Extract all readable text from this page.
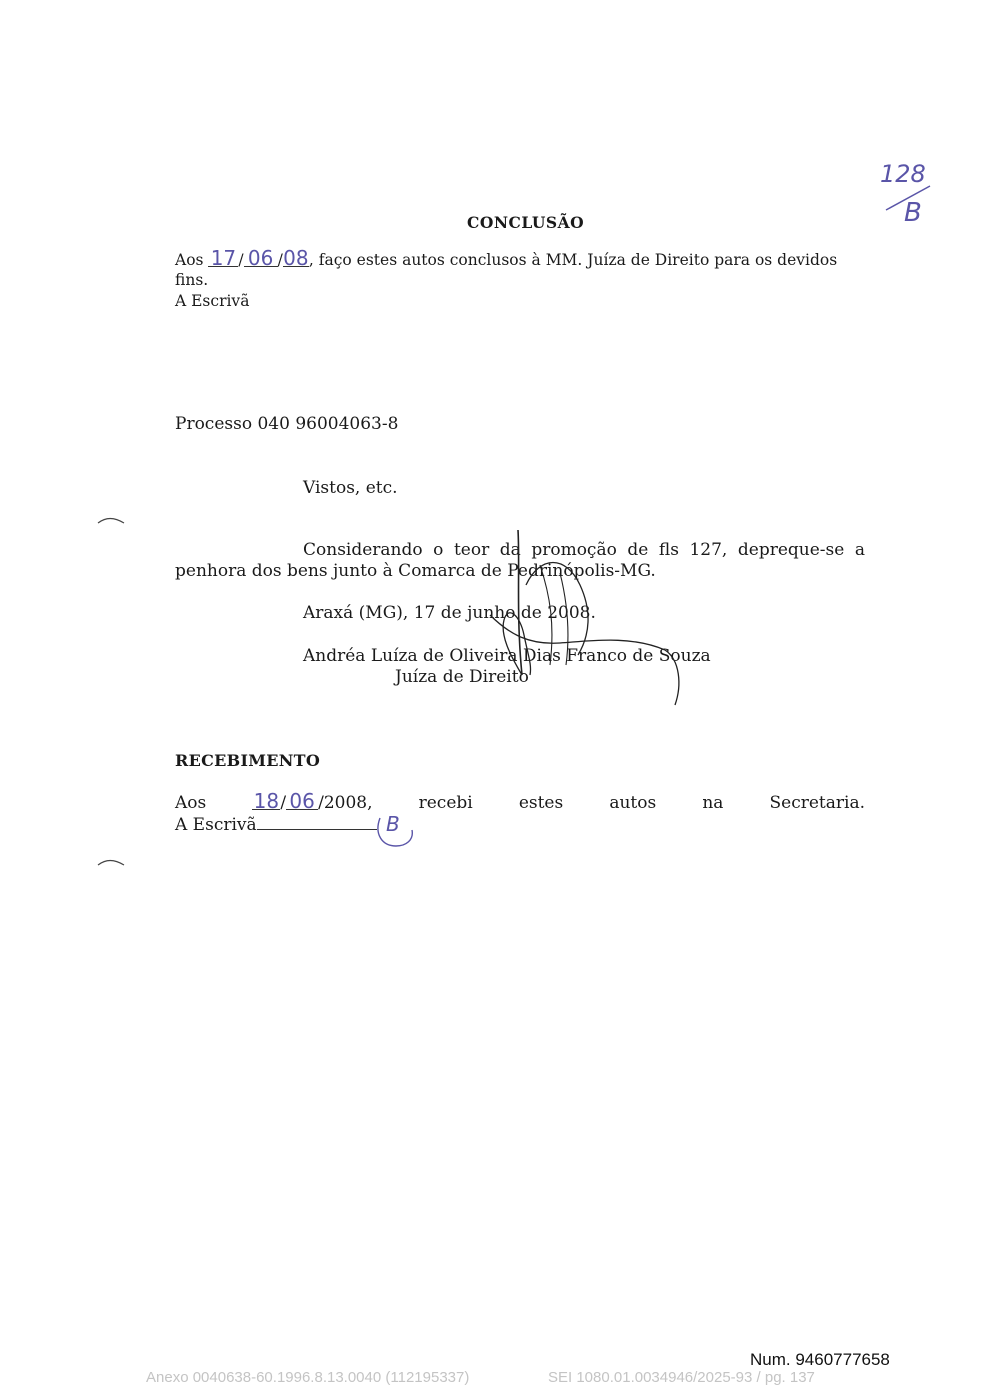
128
B
CONCLUSÃO
Aos 17 / 06 /08, faço estes autos conclusos à MM. Juíza de Direito para os devidos
fins.
A Escrivã
Processo 040 96004063-8
Vistos, etc.
Considerando o teor da promoção de fls 127, depreque-se a
penhora dos bens junto à Comarca de Pedrinópolis-MG.
Araxá (MG), 17 de junho de 2008.
Andréa Luíza de Oliveira Dias Franco de Souza
Juíza de Direito
RECEBIMENTO
Aos 18/ 06 /2008,	recebi	estes	autos	na	Secretaria.
A Escrivã	B
Num. 9460777658
Anexo 0040638-60.1996.8.13.0040 (112195337)	SEI 1080.01.0034946/2025-93 / pg. 137
